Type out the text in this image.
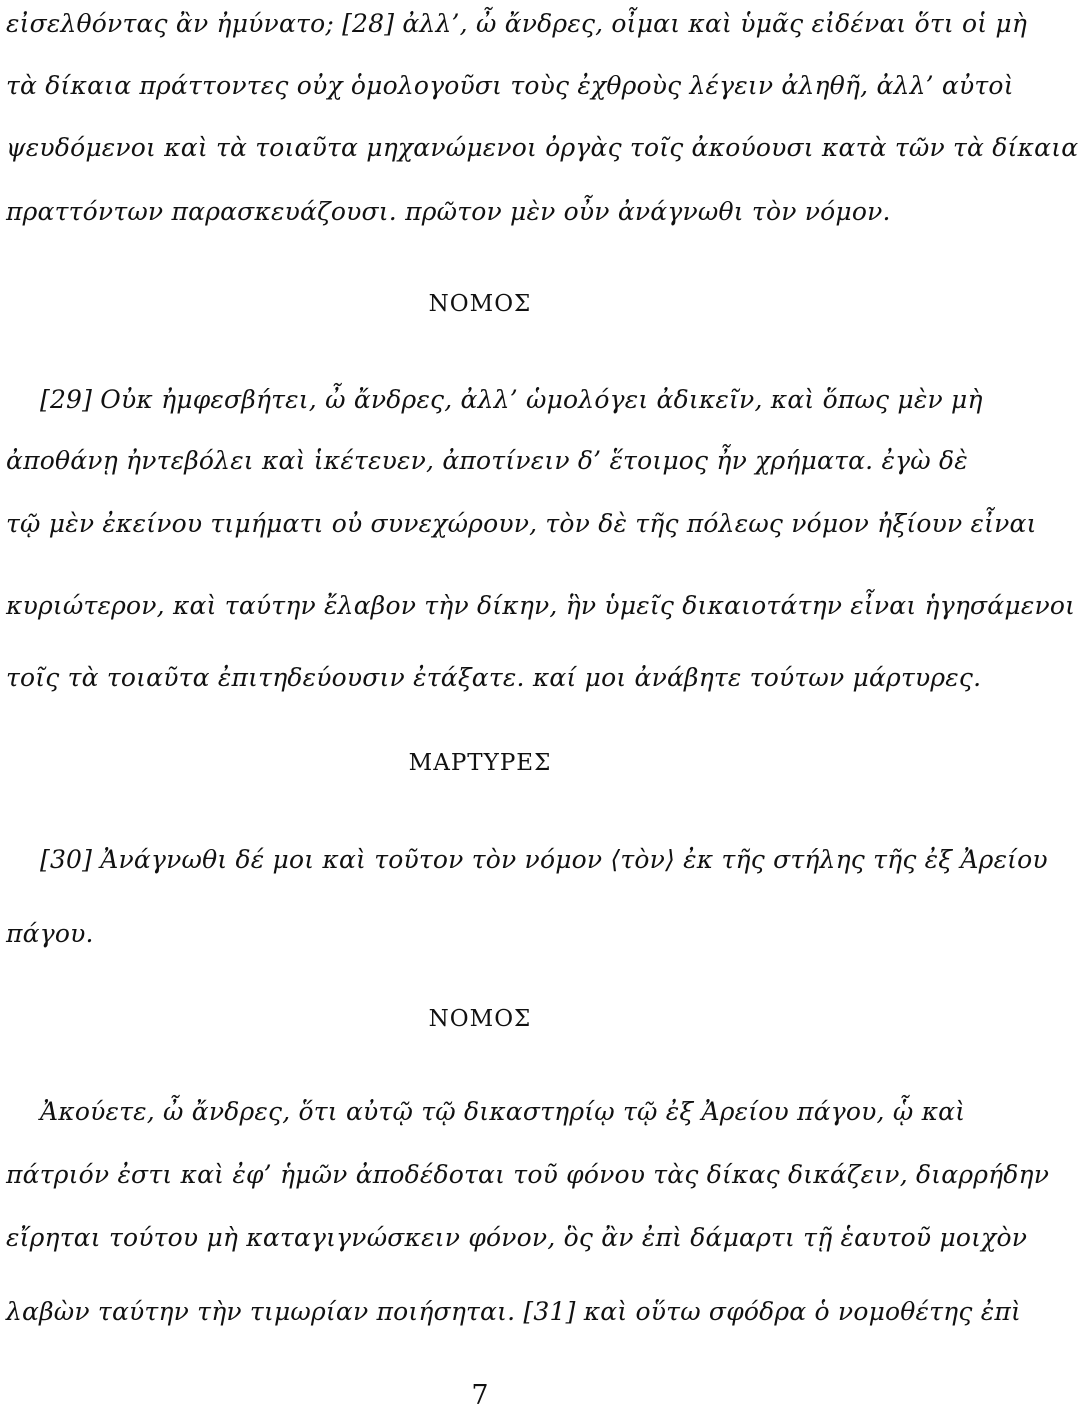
εἰσελθόντας ἂν ἠμύνατο; [28] ἀλλ’, ὦ ἄνδρες, οἶμαι καὶ ὑμᾶς εἰδέναι ὅτι οἱ μὴ
τὰ δίκαια πράττοντες οὐχ ὁμολογοῦσι τοὺς ἐχθροὺς λέγειν ἀληθῆ, ἀλλ’ αὐτοὶ
ψευδόμενοι καὶ τὰ τοιαῦτα μηχανώμενοι ὀργὰς τοῖς ἀκούουσι κατὰ τῶν τὰ δίκαια
πραττόντων παρασκευάζουσι. πρῶτον μὲν οὖν ἀνάγνωθι τὸν νόμον.
ΝΟΜΟΣ
[29] Οὐκ ἠμφεσβήτει, ὦ ἄνδρες, ἀλλ’ ὡμολόγει ἀδικεῖν, καὶ ὅπως μὲν μὴ
ἀποθάνῃ ἠντεβόλει καὶ ἱκέτευεν, ἀποτίνειν δ’ ἕτοιμος ἦν χρήματα. ἐγὼ δὲ
τῷ μὲν ἐκείνου τιμήματι οὐ συνεχώρουν, τὸν δὲ τῆς πόλεως νόμον ἠξίουν εἶναι
κυριώτερον, καὶ ταύτην ἔλαβον τὴν δίκην, ἣν ὑμεῖς δικαιοτάτην εἶναι ἡγησάμενοι
τοῖς τὰ τοιαῦτα ἐπιτηδεύουσιν ἐτάξατε. καί μοι ἀνάβητε τούτων μάρτυρες.
ΜΑΡΤΥΡΕΣ
[30] Ἀνάγνωθι δέ μοι καὶ τοῦτον τὸν νόμον ⟨τὸν⟩ ἐκ τῆς στήλης τῆς ἐξ Ἀρείου
πάγου.
ΝΟΜΟΣ
Ἀκούετε, ὦ ἄνδρες, ὅτι αὐτῷ τῷ δικαστηρίῳ τῷ ἐξ Ἀρείου πάγου, ᾧ καὶ
πάτριόν ἐστι καὶ ἐφ’ ἡμῶν ἀποδέδοται τοῦ φόνου τὰς δίκας δικάζειν, διαρρήδην
εἴρηται τούτου μὴ καταγιγνώσκειν φόνον, ὃς ἂν ἐπὶ δάμαρτι τῇ ἑαυτοῦ μοιχὸν
λαβὼν ταύτην τὴν τιμωρίαν ποιήσηται. [31] καὶ οὕτω σφόδρα ὁ νομοθέτης ἐπὶ
7
